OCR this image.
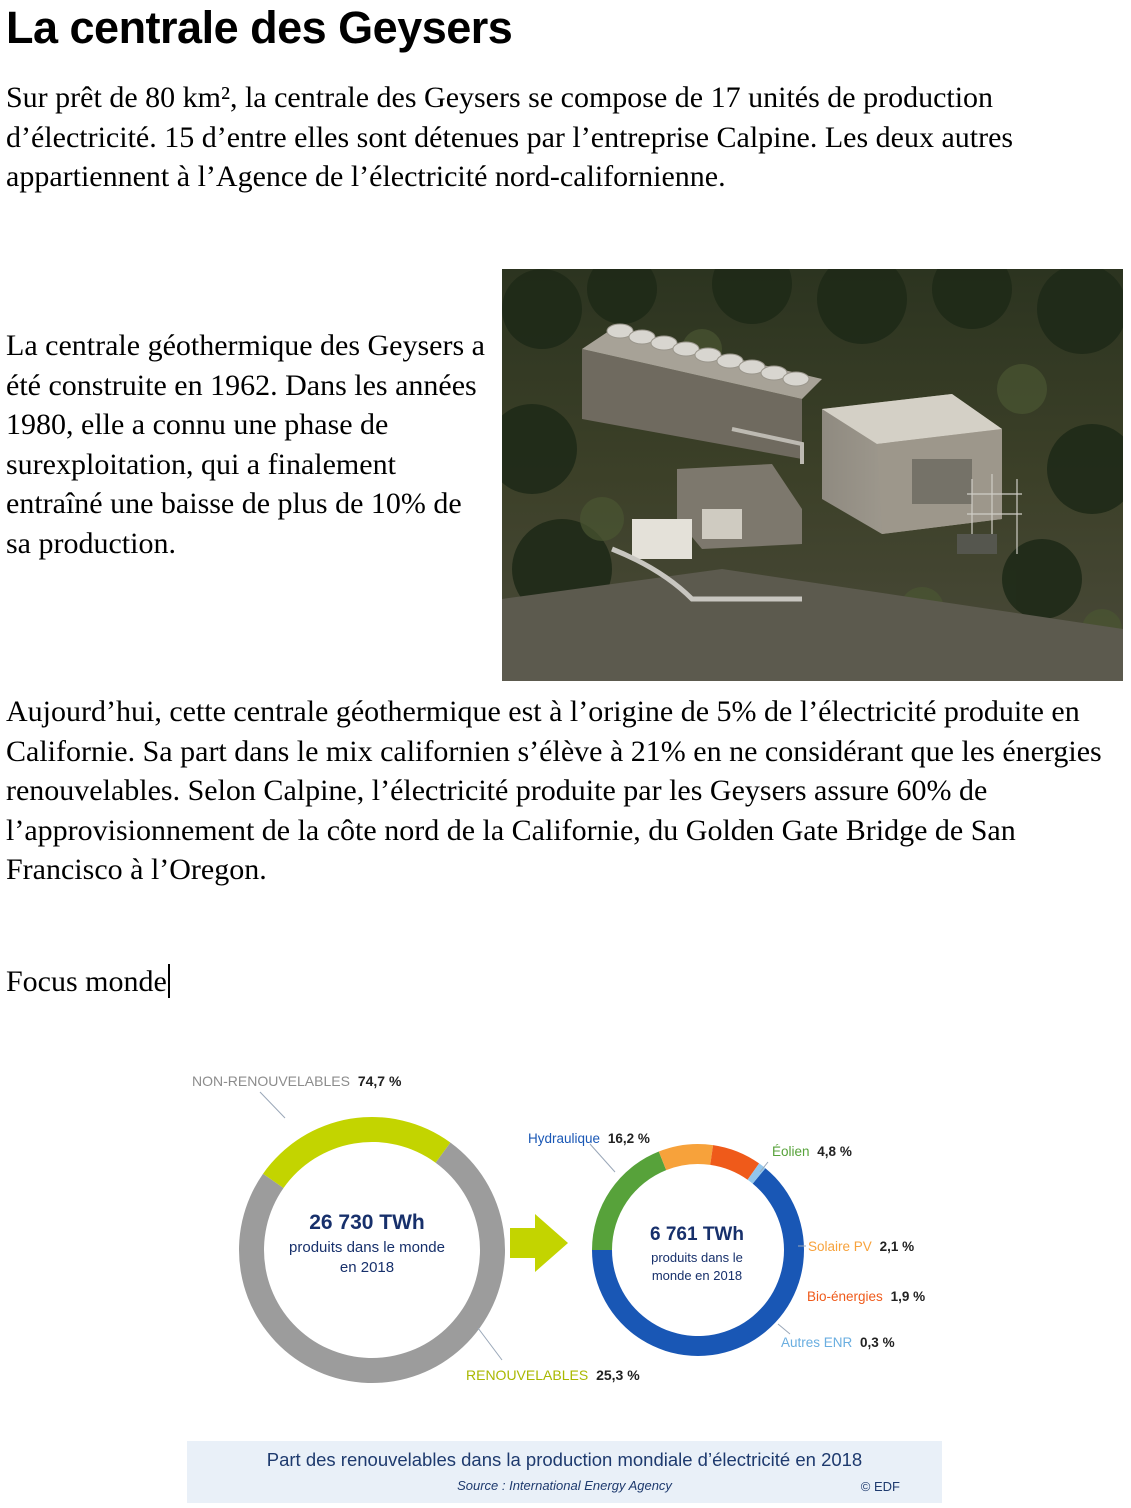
La centrale des Geysers

Sur prêt de 80 km², la centrale des Geysers se compose de 17 unités de production d’électricité. 15 d’entre elles sont détenues par l’entreprise Calpine. Les deux autres appartiennent à l’Agence de l’électricité nord-californienne.

La centrale géothermique des Geysers a été construite en 1962. Dans les années 1980, elle a connu une phase de surexploitation, qui a finalement entraîné une baisse de plus de 10% de sa production.

Aujourd’hui, cette centrale géothermique est à l’origine de 5% de l’électricité produite en Californie. Sa part dans le mix californien s’élève à 21% en ne considérant que les énergies renouvelables. Selon Calpine, l’électricité produite par les Geysers assure 60% de l’approvisionnement de la côte nord de la Californie, du Golden Gate Bridge de San Francisco à l’Oregon.

Focus monde
26 730 TWh
produits dans le monde
en 2018
6 761 TWh
produits dans le
monde en 2018
NON-RENOUVELABLES 74,7 %
RENOUVELABLES 25,3 %
Hydraulique 16,2 %
Éolien 4,8 %
Solaire PV 2,1 %
Bio-énergies 1,9 %
Autres ENR 0,3 %
Part des renouvelables dans la production mondiale d’électricité en 2018
Source : International Energy Agency	© EDF
